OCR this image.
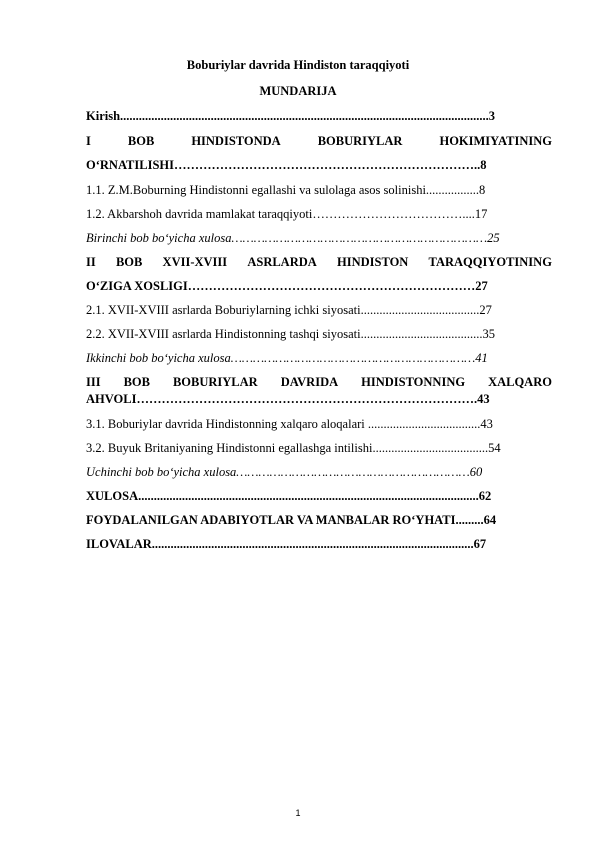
Boburiylar davrida Hindiston taraqqiyoti
MUNDARIJA
Kirish......................................................................................................................3
I	BOB	HINDISTONDA	BOBURIYLAR	HOKIMIYATINING
O‘RNATILISHI………………………………………………………………..8
1.1. Z.M.Boburning Hindistonni egallashi va sulolaga asos solinishi.................8
1.2. Akbarshoh davrida mamlakat taraqqiyoti………………………………....17
Birinchi bob bo‘yicha xulosa……………………………………………………………25
II BOB XVII-XVIII ASRLARDA HINDISTON TARAQQIYOTINING
O‘ZIGA XOSLIGI……………………………………………………………27
2.1. XVII-XVIII asrlarda Boburiylarning ichki siyosati......................................27
2.2. XVII-XVIII asrlarda Hindistonning tashqi siyosati.......................................35
Ikkinchi bob bo‘yicha xulosa…………………………………………………………41
III BOB BOBURIYLAR DAVRIDA HINDISTONNING XALQARO
AHVOLI……………………………………………………………………….43
3.1. Boburiylar davrida Hindistonning xalqaro aloqalari ....................................43
3.2. Buyuk Britaniyaning Hindistonni egallashga intilishi.....................................54
Uchinchi bob bo‘yicha xulosa………………………………………………………60
XULOSA.............................................................................................................62
FOYDALANILGAN ADABIYOTLAR VA MANBALAR RO‘YHATI.........64
ILOVALAR.......................................................................................................67
1
